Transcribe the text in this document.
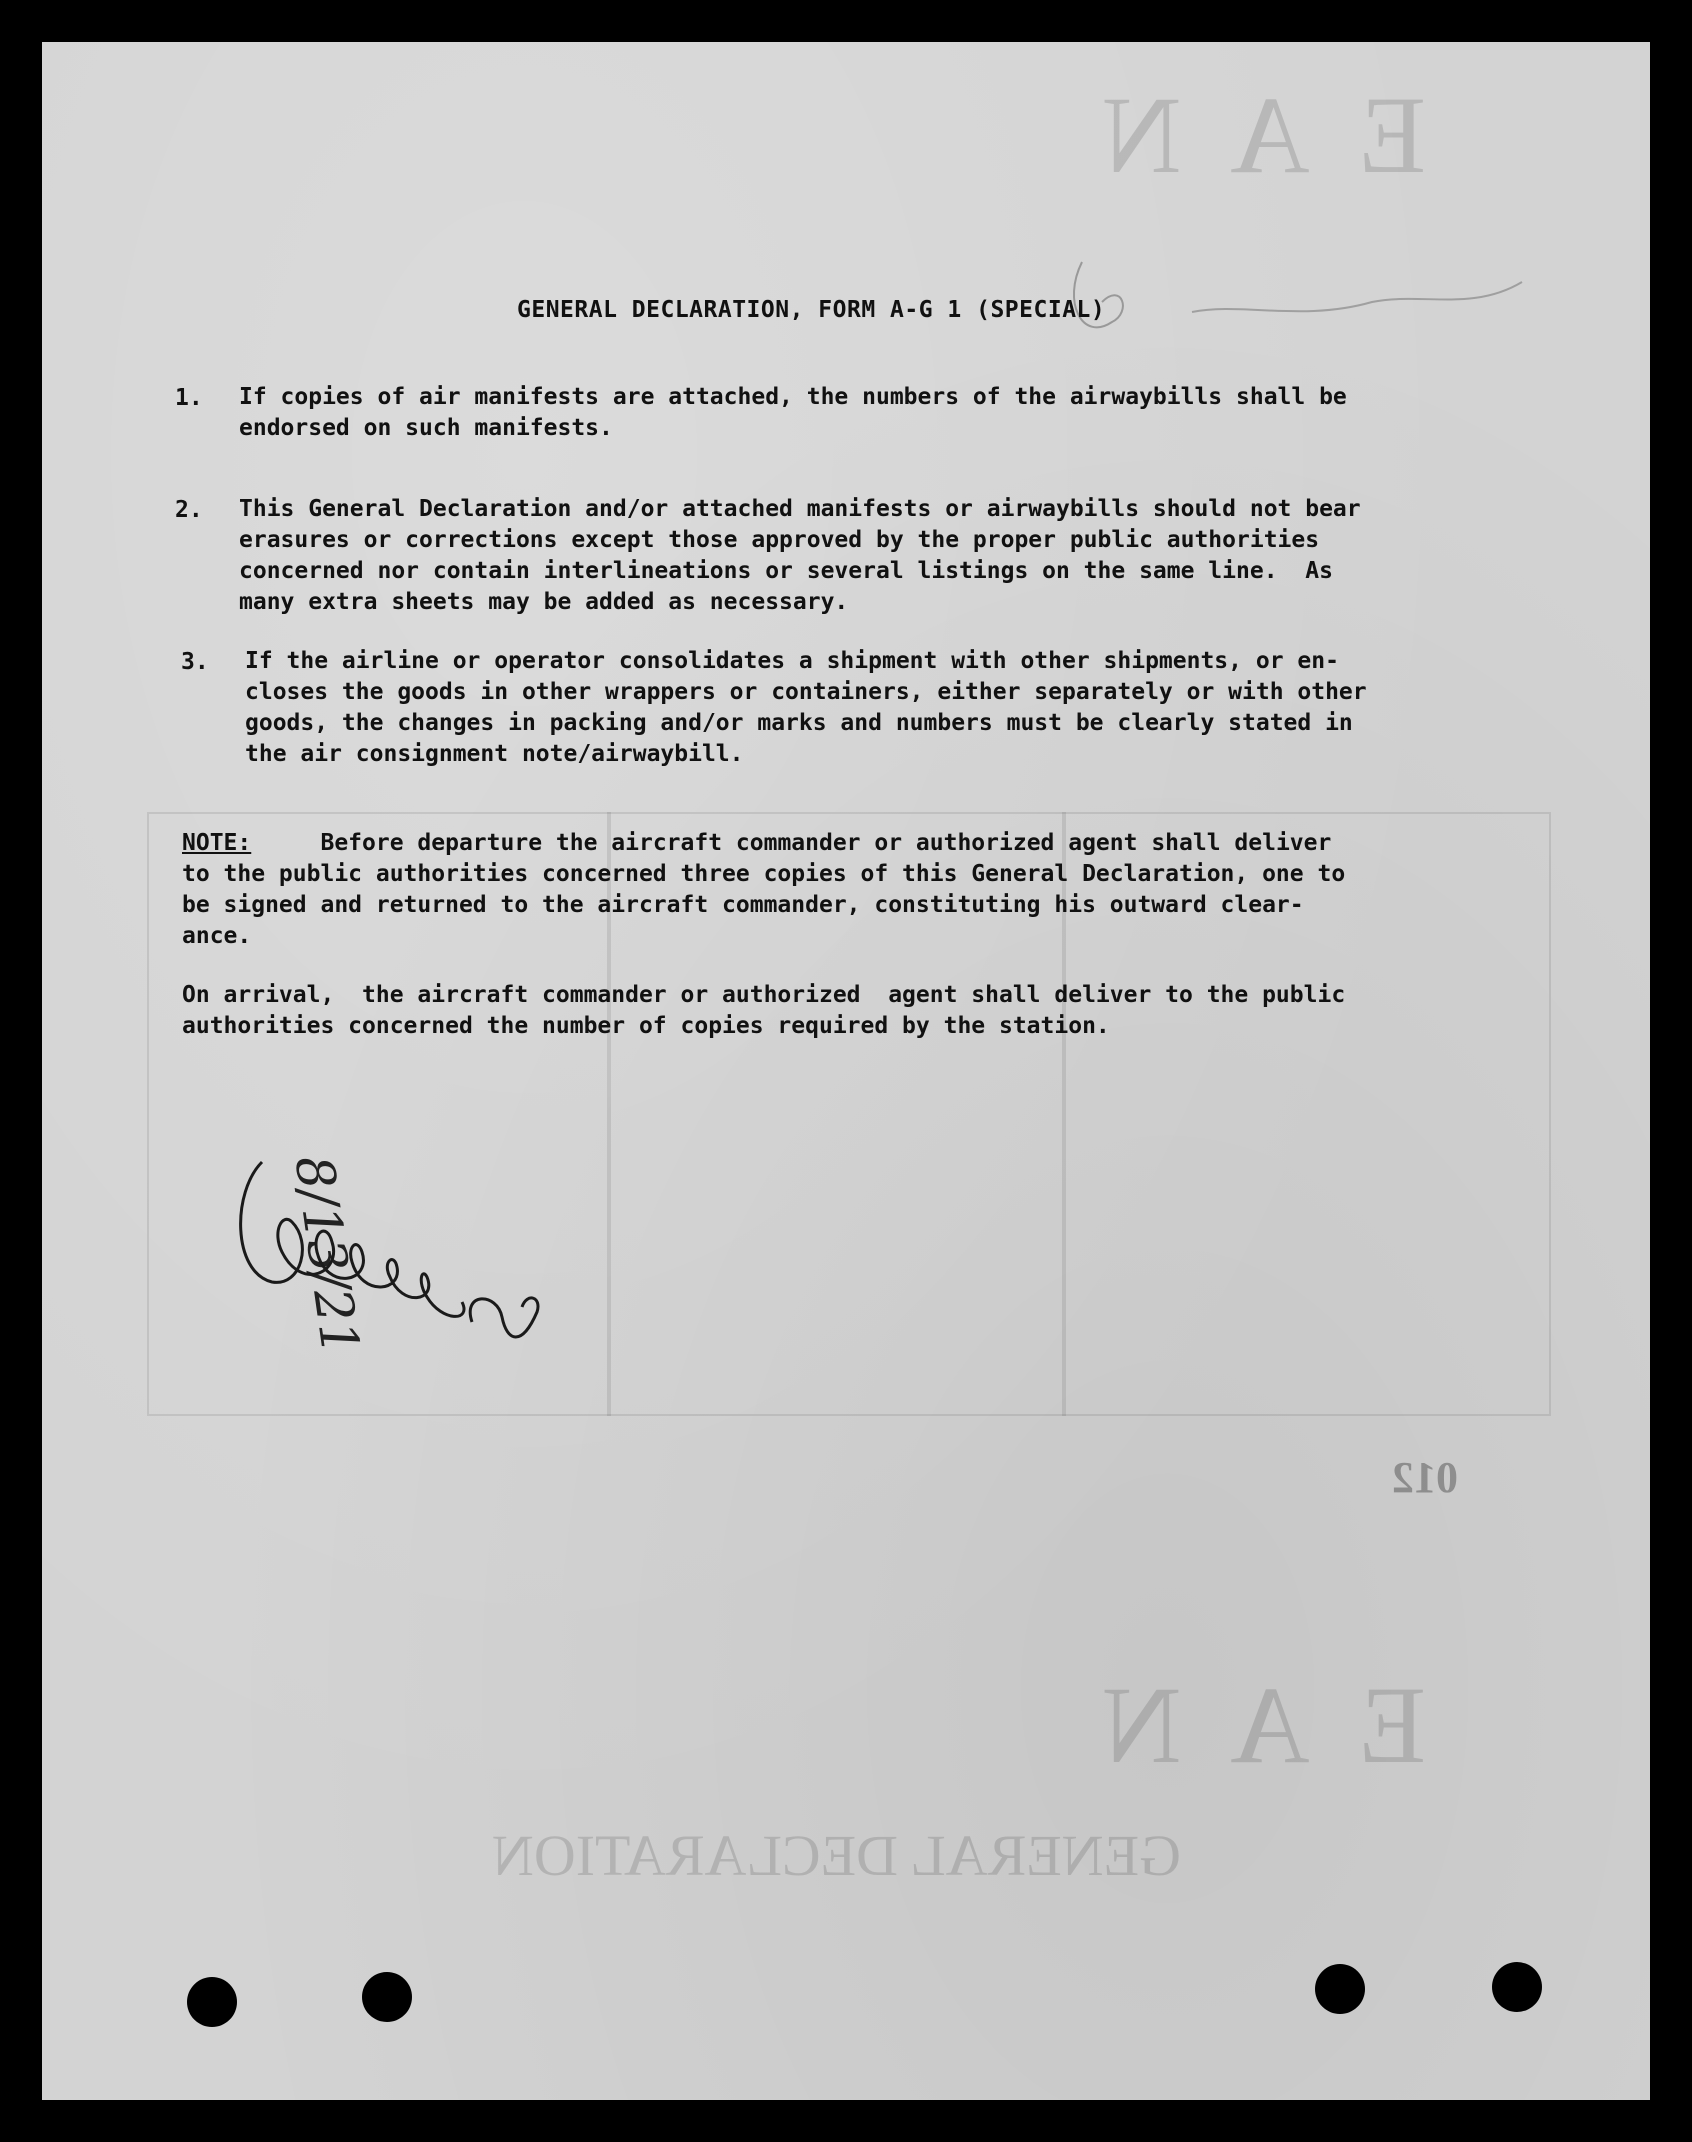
E  A  N
E  A  N
GENERAL DECLARATION
012
GENERAL DECLARATION, FORM A-G 1 (SPECIAL)
1. If copies of air manifests are attached, the numbers of the airwaybills shall be
endorsed on such manifests.
2. This General Declaration and/or attached manifests or airwaybills should not bear
erasures or corrections except those approved by the proper public authorities
concerned nor contain interlineations or several listings on the same line.  As
many extra sheets may be added as necessary.
3. If the airline or operator consolidates a shipment with other shipments, or en-
closes the goods in other wrappers or containers, either separately or with other
goods, the changes in packing and/or marks and numbers must be clearly stated in
the air consignment note/airwaybill.
NOTE:     Before departure the aircraft commander or authorized agent shall deliver
to the public authorities concerned three copies of this General Declaration, one to
be signed and returned to the aircraft commander, constituting his outward clear-
ance.
On arrival,  the aircraft commander or authorized  agent shall deliver to the public
authorities concerned the number of copies required by the station.
8/13/21
